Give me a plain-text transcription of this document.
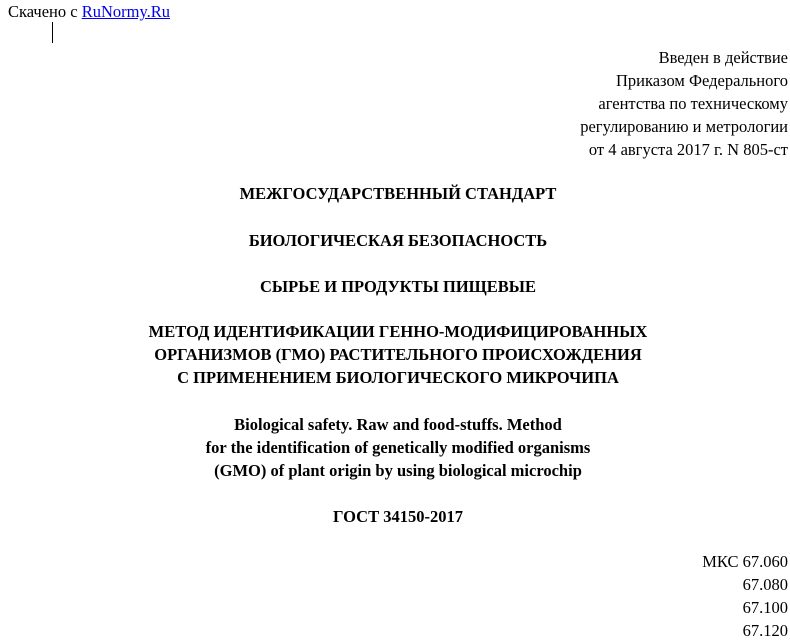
Скачено с RuNormy.Ru
Введен в действие
Приказом Федерального
агентства по техническому
регулированию и метрологии
от 4 августа 2017 г. N 805-ст
МЕЖГОСУДАРСТВЕННЫЙ СТАНДАРТ
БИОЛОГИЧЕСКАЯ БЕЗОПАСНОСТЬ
СЫРЬЕ И ПРОДУКТЫ ПИЩЕВЫЕ
МЕТОД ИДЕНТИФИКАЦИИ ГЕННО-МОДИФИЦИРОВАННЫХ
ОРГАНИЗМОВ (ГМО) РАСТИТЕЛЬНОГО ПРОИСХОЖДЕНИЯ
С ПРИМЕНЕНИЕМ БИОЛОГИЧЕСКОГО МИКРОЧИПА
Biological safety. Raw and food-stuffs. Method
for the identification of genetically modified organisms
(GMO) of plant origin by using biological microchip
ГОСТ 34150-2017
МКС 67.060
67.080
67.100
67.120
